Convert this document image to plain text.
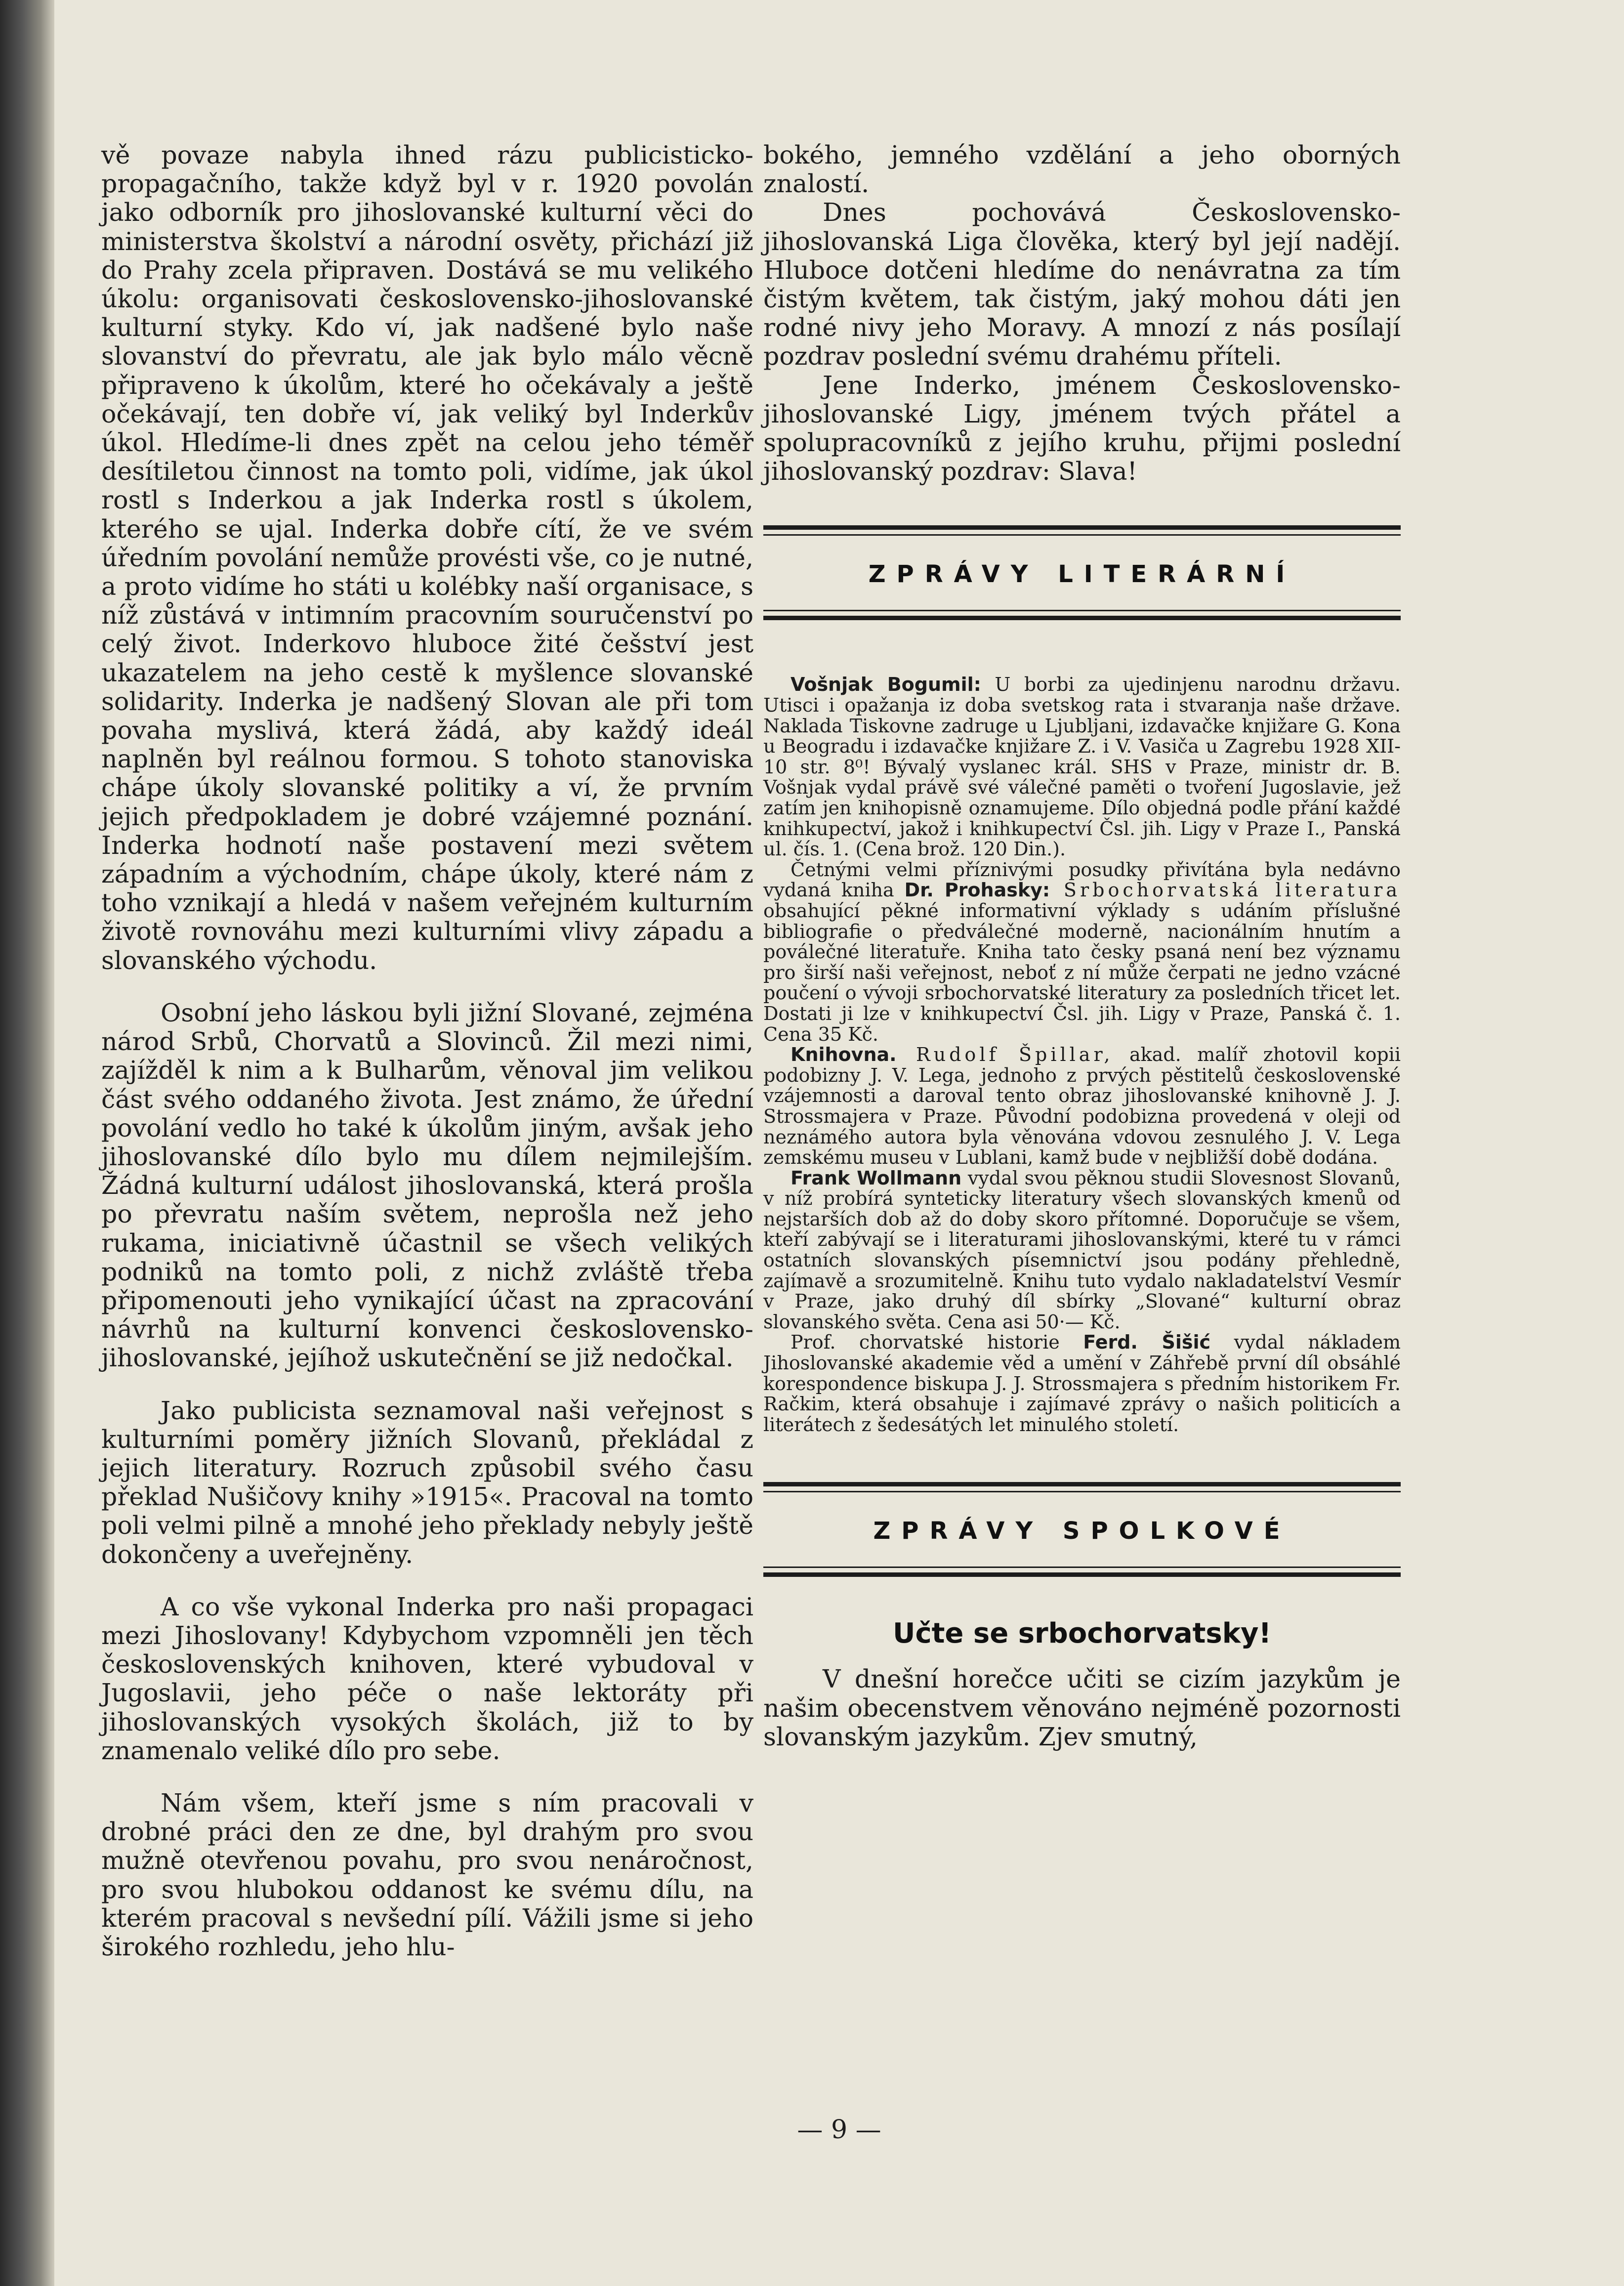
vě povaze nabyla ihned rázu publicisticko-propagačního, takže když byl v r. 1920 povolán jako odborník pro jihoslovanské kulturní věci do ministerstva školství a národní osvěty, přichází již do Prahy zcela připraven. Dostává se mu velikého úkolu: organisovati československo-jihoslovanské kulturní styky. Kdo ví, jak nadšené bylo naše slovanství do převratu, ale jak bylo málo věcně připraveno k úkolům, které ho očekávaly a ještě očekávají, ten dobře ví, jak veliký byl Inderkův úkol. Hledíme-li dnes zpět na celou jeho téměř desítiletou činnost na tomto poli, vidíme, jak úkol rostl s Inderkou a jak Inderka rostl s úkolem, kterého se ujal. Inderka dobře cítí, že ve svém úředním povolání nemůže provésti vše, co je nutné, a proto vidíme ho státi u kolébky naší organisace, s níž zůstává v intimním pracovním souručenství po celý život. Inderkovo hluboce žité češství jest ukazatelem na jeho cestě k myšlence slovanské solidarity. Inderka je nadšený Slovan ale při tom povaha myslivá, která žádá, aby každý ideál naplněn byl reálnou formou. S tohoto stanoviska chápe úkoly slovanské politiky a ví, že prvním jejich předpokladem je dobré vzájemné poznání. Inderka hodnotí naše postavení mezi světem západním a východním, chápe úkoly, které nám z toho vznikají a hledá v našem veřejném kulturním životě rovnováhu mezi kulturními vlivy západu a slovanského východu.

Osobní jeho láskou byli jižní Slované, zejména národ Srbů, Chorvatů a Slovinců. Žil mezi nimi, zajížděl k nim a k Bulharům, věnoval jim velikou část svého oddaného života. Jest známo, že úřední povolání vedlo ho také k úkolům jiným, avšak jeho jihoslovanské dílo bylo mu dílem nejmilejším. Žádná kulturní událost jihoslovanská, která prošla po převratu naším světem, neprošla než jeho rukama, iniciativně účastnil se všech velikých podniků na tomto poli, z nichž zvláště třeba připomenouti jeho vynikající účast na zpracování návrhů na kulturní konvenci československo-jihoslovanské, jejíhož uskutečnění se již nedočkal.

Jako publicista seznamoval naši veřejnost s kulturními poměry jižních Slovanů, překládal z jejich literatury. Rozruch způsobil svého času překlad Nušičovy knihy »1915«. Pracoval na tomto poli velmi pilně a mnohé jeho překlady nebyly ještě dokončeny a uveřejněny.

A co vše vykonal Inderka pro naši propagaci mezi Jihoslovany! Kdybychom vzpomněli jen těch československých knihoven, které vybudoval v Jugoslavii, jeho péče o naše lektoráty při jihoslovanských vysokých školách, již to by znamenalo veliké dílo pro sebe.

Nám všem, kteří jsme s ním pracovali v drobné práci den ze dne, byl drahým pro svou mužně otevřenou povahu, pro svou nenáročnost, pro svou hlubokou oddanost ke svému dílu, na kterém pracoval s nevšední pílí. Vážili jsme si jeho širokého rozhledu, jeho hlu-

bokého, jemného vzdělání a jeho oborných znalostí.

Dnes pochovává Československo-jihoslovanská Liga člověka, který byl její nadějí. Hluboce dotčeni hledíme do nenávratna za tím čistým květem, tak čistým, jaký mohou dáti jen rodné nivy jeho Moravy. A mnozí z nás posílají pozdrav poslední svému drahému příteli.

Jene Inderko, jménem Československo-jihoslovanské Ligy, jménem tvých přátel a spolupracovníků z jejího kruhu, přijmi poslední jihoslovanský pozdrav: Slava!

ZPRÁVY LITERÁRNÍ

Vošnjak Bogumil: U borbi za ujedinjenu narodnu državu. Utisci i opažanja iz doba svetskog rata i stvaranja naše države. Naklada Tiskovne zadruge u Ljubljani, izdavačke knjižare G. Kona u Beogradu i izdavačke knjižare Z. i V. Vasiča u Zagrebu 1928 XII-10 str. 8⁰! Bývalý vyslanec král. SHS v Praze, ministr dr. B. Vošnjak vydal právě své válečné paměti o tvoření Jugoslavie, jež zatím jen knihopisně oznamujeme. Dílo objedná podle přání každé knihkupectví, jakož i knihkupectví Čsl. jih. Ligy v Praze I., Panská ul. čís. 1. (Cena brož. 120 Din.).

Četnými velmi příznivými posudky přivítána byla nedávno vydaná kniha Dr. Prohasky: Srbochorvatská literatura obsahující pěkné informativní výklady s udáním příslušné bibliografie o předválečné moderně, nacionálním hnutím a poválečné literatuře. Kniha tato česky psaná není bez významu pro širší naši veřejnost, neboť z ní může čerpati ne jedno vzácné poučení o vývoji srbochorvatské literatury za posledních třicet let. Dostati ji lze v knihkupectví Čsl. jih. Ligy v Praze, Panská č. 1. Cena 35 Kč.

Knihovna. Rudolf Špillar, akad. malíř zhotovil kopii podobizny J. V. Lega, jednoho z prvých pěstitelů československé vzájemnosti a daroval tento obraz jihoslovanské knihovně J. J. Strossmajera v Praze. Původní podobizna provedená v oleji od neznámého autora byla věnována vdovou zesnulého J. V. Lega zemskému museu v Lublani, kamž bude v nejbližší době dodána.

Frank Wollmann vydal svou pěknou studii Slovesnost Slovanů, v níž probírá synteticky literatury všech slovanských kmenů od nejstarších dob až do doby skoro přítomné. Doporučuje se všem, kteří zabývají se i literaturami jihoslovanskými, které tu v rámci ostatních slovanských písemnictví jsou podány přehledně, zajímavě a srozumitelně. Knihu tuto vydalo nakladatelství Vesmír v Praze, jako druhý díl sbírky „Slované“ kulturní obraz slovanského světa. Cena asi 50·— Kč.

Prof. chorvatské historie Ferd. Šišić vydal nákladem Jihoslovanské akademie věd a umění v Záhřebě první díl obsáhlé korespondence biskupa J. J. Strossmajera s předním historikem Fr. Račkim, která obsahuje i zajímavé zprávy o našich politicích a literátech z šedesátých let minulého století.

ZPRÁVY SPOLKOVÉ
Učte se srbochorvatsky!

V dnešní horečce učiti se cizím jazykům je našim obecenstvem věnováno nejméně pozornosti slovanským jazykům. Zjev smutný,

— 9 —
